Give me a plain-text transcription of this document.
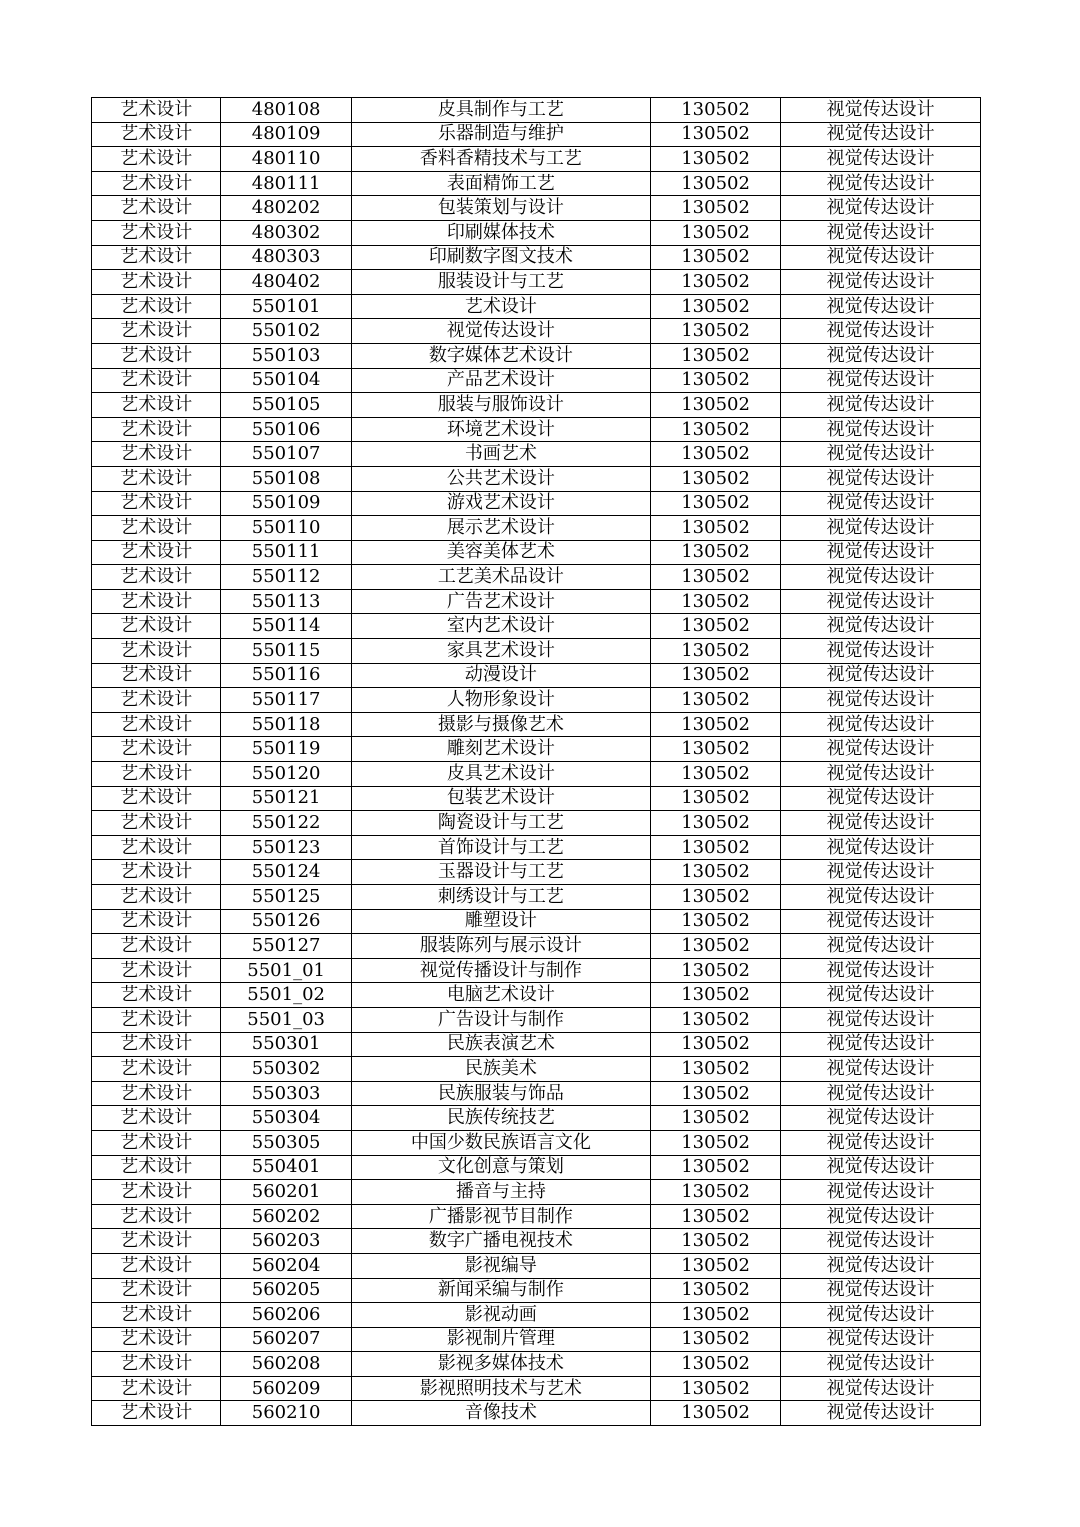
艺术设计	480108	皮具制作与工艺	130502	视觉传达设计
艺术设计	480109	乐器制造与维护	130502	视觉传达设计
艺术设计	480110	香料香精技术与工艺	130502	视觉传达设计
艺术设计	480111	表面精饰工艺	130502	视觉传达设计
艺术设计	480202	包装策划与设计	130502	视觉传达设计
艺术设计	480302	印刷媒体技术	130502	视觉传达设计
艺术设计	480303	印刷数字图文技术	130502	视觉传达设计
艺术设计	480402	服装设计与工艺	130502	视觉传达设计
艺术设计	550101	艺术设计	130502	视觉传达设计
艺术设计	550102	视觉传达设计	130502	视觉传达设计
艺术设计	550103	数字媒体艺术设计	130502	视觉传达设计
艺术设计	550104	产品艺术设计	130502	视觉传达设计
艺术设计	550105	服装与服饰设计	130502	视觉传达设计
艺术设计	550106	环境艺术设计	130502	视觉传达设计
艺术设计	550107	书画艺术	130502	视觉传达设计
艺术设计	550108	公共艺术设计	130502	视觉传达设计
艺术设计	550109	游戏艺术设计	130502	视觉传达设计
艺术设计	550110	展示艺术设计	130502	视觉传达设计
艺术设计	550111	美容美体艺术	130502	视觉传达设计
艺术设计	550112	工艺美术品设计	130502	视觉传达设计
艺术设计	550113	广告艺术设计	130502	视觉传达设计
艺术设计	550114	室内艺术设计	130502	视觉传达设计
艺术设计	550115	家具艺术设计	130502	视觉传达设计
艺术设计	550116	动漫设计	130502	视觉传达设计
艺术设计	550117	人物形象设计	130502	视觉传达设计
艺术设计	550118	摄影与摄像艺术	130502	视觉传达设计
艺术设计	550119	雕刻艺术设计	130502	视觉传达设计
艺术设计	550120	皮具艺术设计	130502	视觉传达设计
艺术设计	550121	包装艺术设计	130502	视觉传达设计
艺术设计	550122	陶瓷设计与工艺	130502	视觉传达设计
艺术设计	550123	首饰设计与工艺	130502	视觉传达设计
艺术设计	550124	玉器设计与工艺	130502	视觉传达设计
艺术设计	550125	刺绣设计与工艺	130502	视觉传达设计
艺术设计	550126	雕塑设计	130502	视觉传达设计
艺术设计	550127	服装陈列与展示设计	130502	视觉传达设计
艺术设计	5501_01	视觉传播设计与制作	130502	视觉传达设计
艺术设计	5501_02	电脑艺术设计	130502	视觉传达设计
艺术设计	5501_03	广告设计与制作	130502	视觉传达设计
艺术设计	550301	民族表演艺术	130502	视觉传达设计
艺术设计	550302	民族美术	130502	视觉传达设计
艺术设计	550303	民族服装与饰品	130502	视觉传达设计
艺术设计	550304	民族传统技艺	130502	视觉传达设计
艺术设计	550305	中国少数民族语言文化	130502	视觉传达设计
艺术设计	550401	文化创意与策划	130502	视觉传达设计
艺术设计	560201	播音与主持	130502	视觉传达设计
艺术设计	560202	广播影视节目制作	130502	视觉传达设计
艺术设计	560203	数字广播电视技术	130502	视觉传达设计
艺术设计	560204	影视编导	130502	视觉传达设计
艺术设计	560205	新闻采编与制作	130502	视觉传达设计
艺术设计	560206	影视动画	130502	视觉传达设计
艺术设计	560207	影视制片管理	130502	视觉传达设计
艺术设计	560208	影视多媒体技术	130502	视觉传达设计
艺术设计	560209	影视照明技术与艺术	130502	视觉传达设计
艺术设计	560210	音像技术	130502	视觉传达设计
